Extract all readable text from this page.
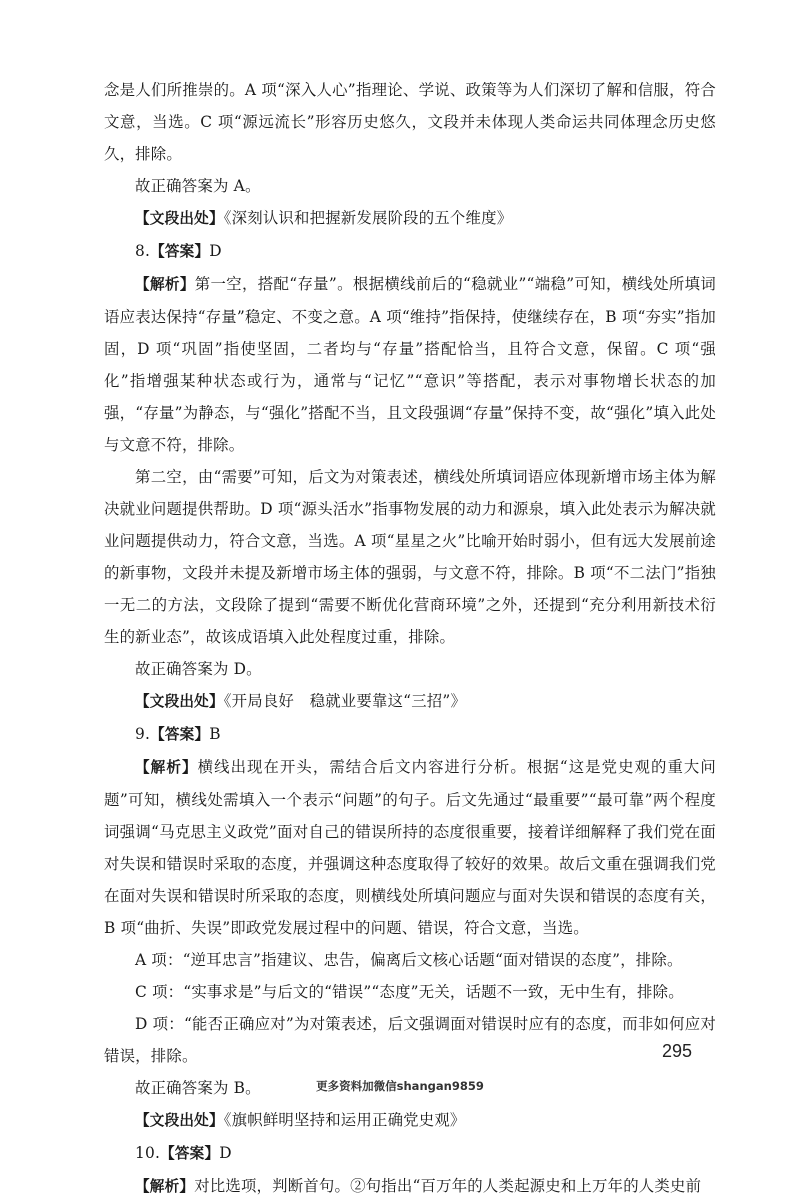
念是人们所推崇的。A 项“深入人心”指理论、学说、政策等为人们深切了解和信服，符合文意，当选。C 项“源远流长”形容历史悠久，文段并未体现人类命运共同体理念历史悠久，排除。

故正确答案为 A。

【文段出处】《深刻认识和把握新发展阶段的五个维度》

8.【答案】D

【解析】第一空，搭配“存量”。根据横线前后的“稳就业”“端稳”可知，横线处所填词语应表达保持“存量”稳定、不变之意。A 项“维持”指保持，使继续存在，B 项“夯实”指加固，D 项“巩固”指使坚固，二者均与“存量”搭配恰当，且符合文意，保留。C 项“强化”指增强某种状态或行为，通常与“记忆”“意识”等搭配，表示对事物增长状态的加强，“存量”为静态，与“强化”搭配不当，且文段强调“存量”保持不变，故“强化”填入此处与文意不符，排除。

第二空，由“需要”可知，后文为对策表述，横线处所填词语应体现新增市场主体为解决就业问题提供帮助。D 项“源头活水”指事物发展的动力和源泉，填入此处表示为解决就业问题提供动力，符合文意，当选。A 项“星星之火”比喻开始时弱小，但有远大发展前途的新事物，文段并未提及新增市场主体的强弱，与文意不符，排除。B 项“不二法门”指独一无二的方法，文段除了提到“需要不断优化营商环境”之外，还提到“充分利用新技术衍生的新业态”，故该成语填入此处程度过重，排除。

故正确答案为 D。

【文段出处】《开局良好　稳就业要靠这“三招”》

9.【答案】B

【解析】横线出现在开头，需结合后文内容进行分析。根据“这是党史观的重大问题”可知，横线处需填入一个表示“问题”的句子。后文先通过“最重要”“最可靠”两个程度词强调“马克思主义政党”面对自己的错误所持的态度很重要，接着详细解释了我们党在面对失误和错误时采取的态度，并强调这种态度取得了较好的效果。故后文重在强调我们党在面对失误和错误时所采取的态度，则横线处所填问题应与面对失误和错误的态度有关，B 项“曲折、失误”即政党发展过程中的问题、错误，符合文意，当选。

A 项：“逆耳忠言”指建议、忠告，偏离后文核心话题“面对错误的态度”，排除。

C 项：“实事求是”与后文的“错误”“态度”无关，话题不一致，无中生有，排除。

D 项：“能否正确应对”为对策表述，后文强调面对错误时应有的态度，而非如何应对错误，排除。

故正确答案为 B。

【文段出处】《旗帜鲜明坚持和运用正确党史观》

10.【答案】D

【解析】对比选项，判断首句。②句指出“百万年的人类起源史和上万年的人类史前

295
更多资料加微信shangan9859
